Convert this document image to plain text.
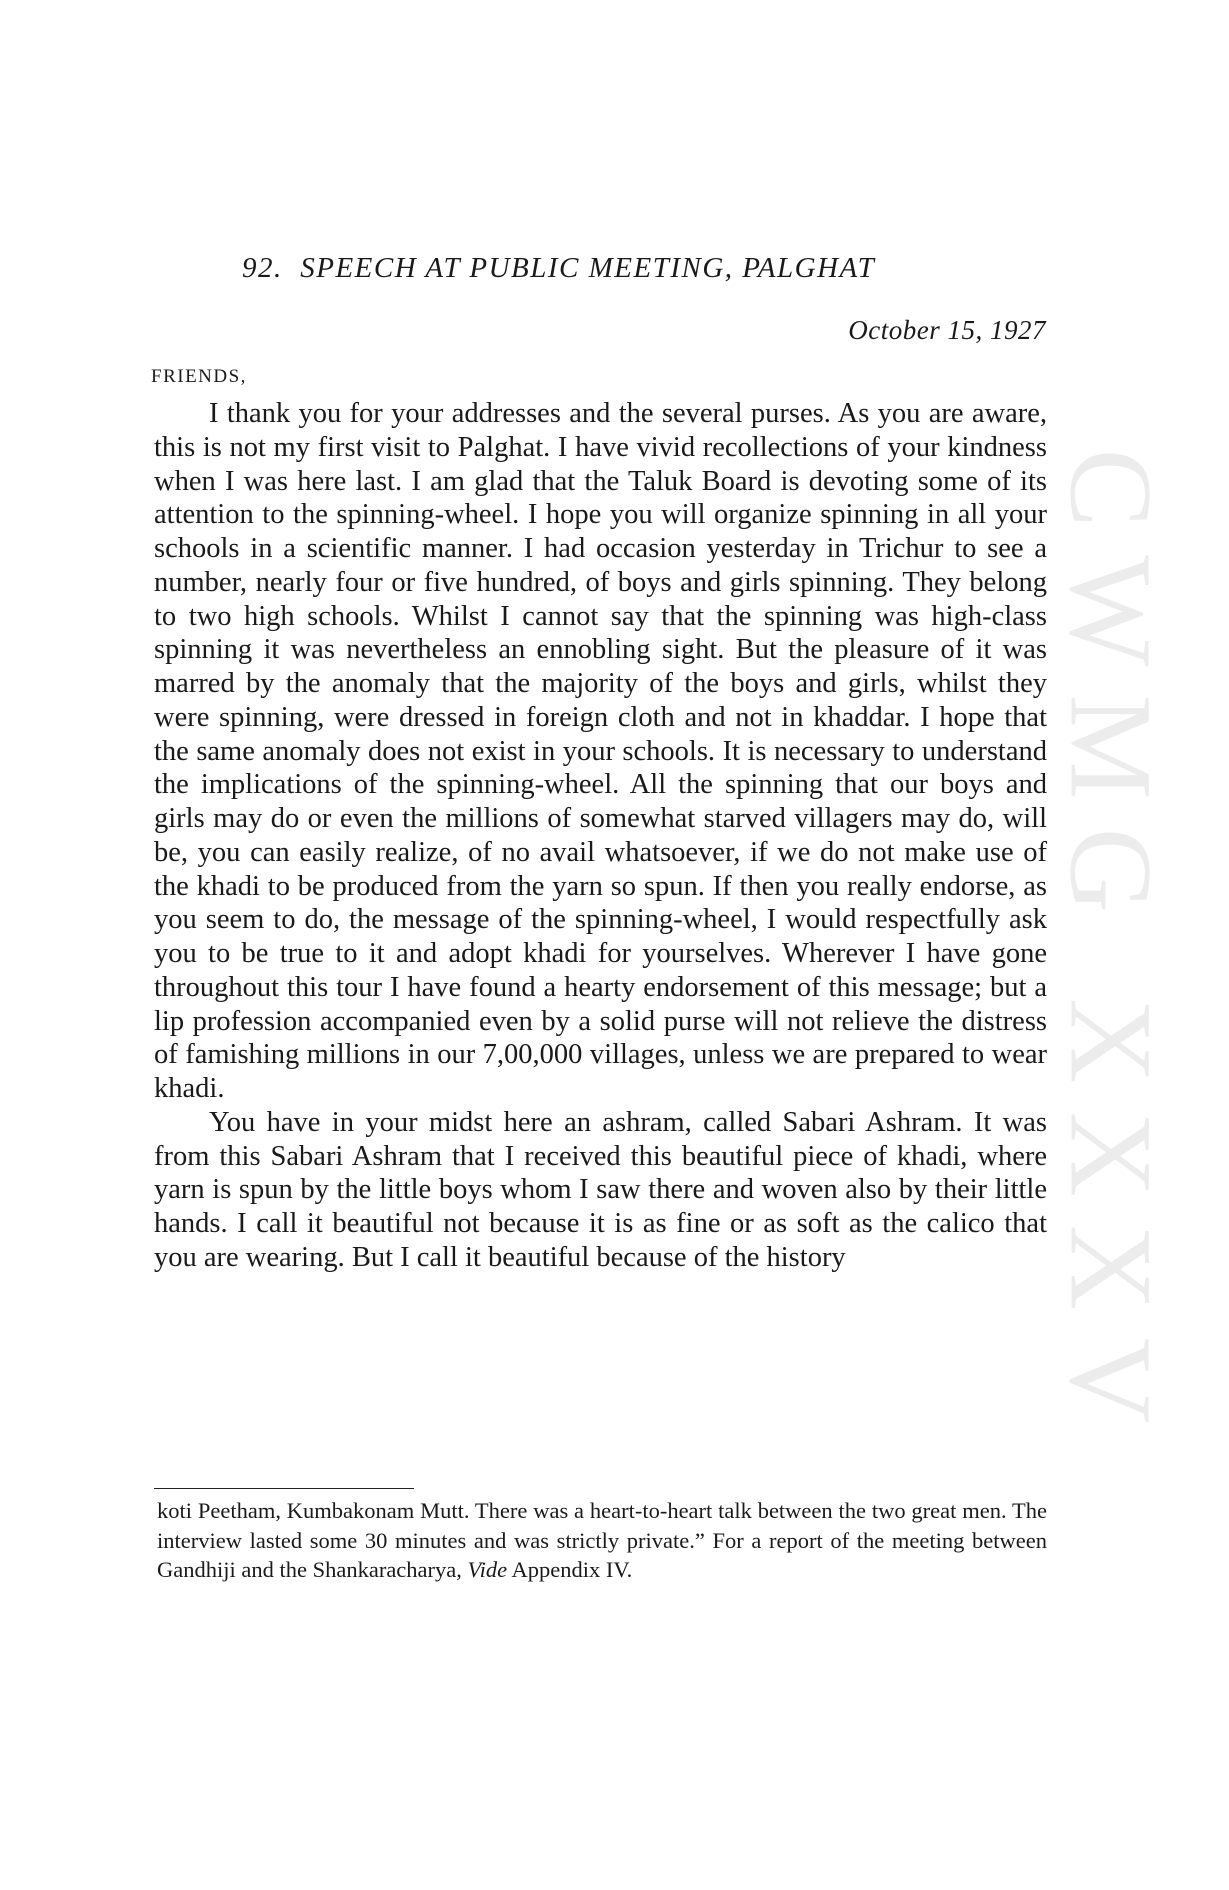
92. SPEECH AT PUBLIC MEETING, PALGHAT
October 15, 1927
FRIENDS,

I thank you for your addresses and the several purses. As you are aware, this is not my first visit to Palghat. I have vivid recollections of your kindness when I was here last. I am glad that the Taluk Board is devoting some of its attention to the spinning-wheel. I hope you will organize spinning in all your schools in a scientific manner. I had occasion yesterday in Trichur to see a number, nearly four or five hundred, of boys and girls spinning. They belong to two high schools. Whilst I cannot say that the spinning was high-class spinning it was nevertheless an ennobling sight. But the pleasure of it was marred by the anomaly that the majority of the boys and girls, whilst they were spinning, were dressed in foreign cloth and not in khaddar. I hope that the same anomaly does not exist in your schools. It is necessary to understand the implications of the spinning-wheel. All the spinning that our boys and girls may do or even the millions of somewhat starved villagers may do, will be, you can easily realize, of no avail whatsoever, if we do not make use of the khadi to be produced from the yarn so spun. If then you really endorse, as you seem to do, the message of the spinning-wheel, I would respectfully ask you to be true to it and adopt khadi for yourselves. Wherever I have gone throughout this tour I have found a hearty endorsement of this message; but a lip profession accompanied even by a solid purse will not relieve the distress of famishing millions in our 7,00,000 villages, unless we are prepared to wear khadi.

You have in your midst here an ashram, called Sabari Ashram. It was from this Sabari Ashram that I received this beautiful piece of khadi, where yarn is spun by the little boys whom I saw there and woven also by their little hands. I call it beautiful not because it is as fine or as soft as the calico that you are wearing. But I call it beautiful because of the history

koti Peetham, Kumbakonam Mutt. There was a heart-to-heart talk between the two great men. The interview lasted some 30 minutes and was strictly private.” For a report of the meeting between Gandhiji and the Shankaracharya, Vide Appendix IV.

CWMG XXXV
